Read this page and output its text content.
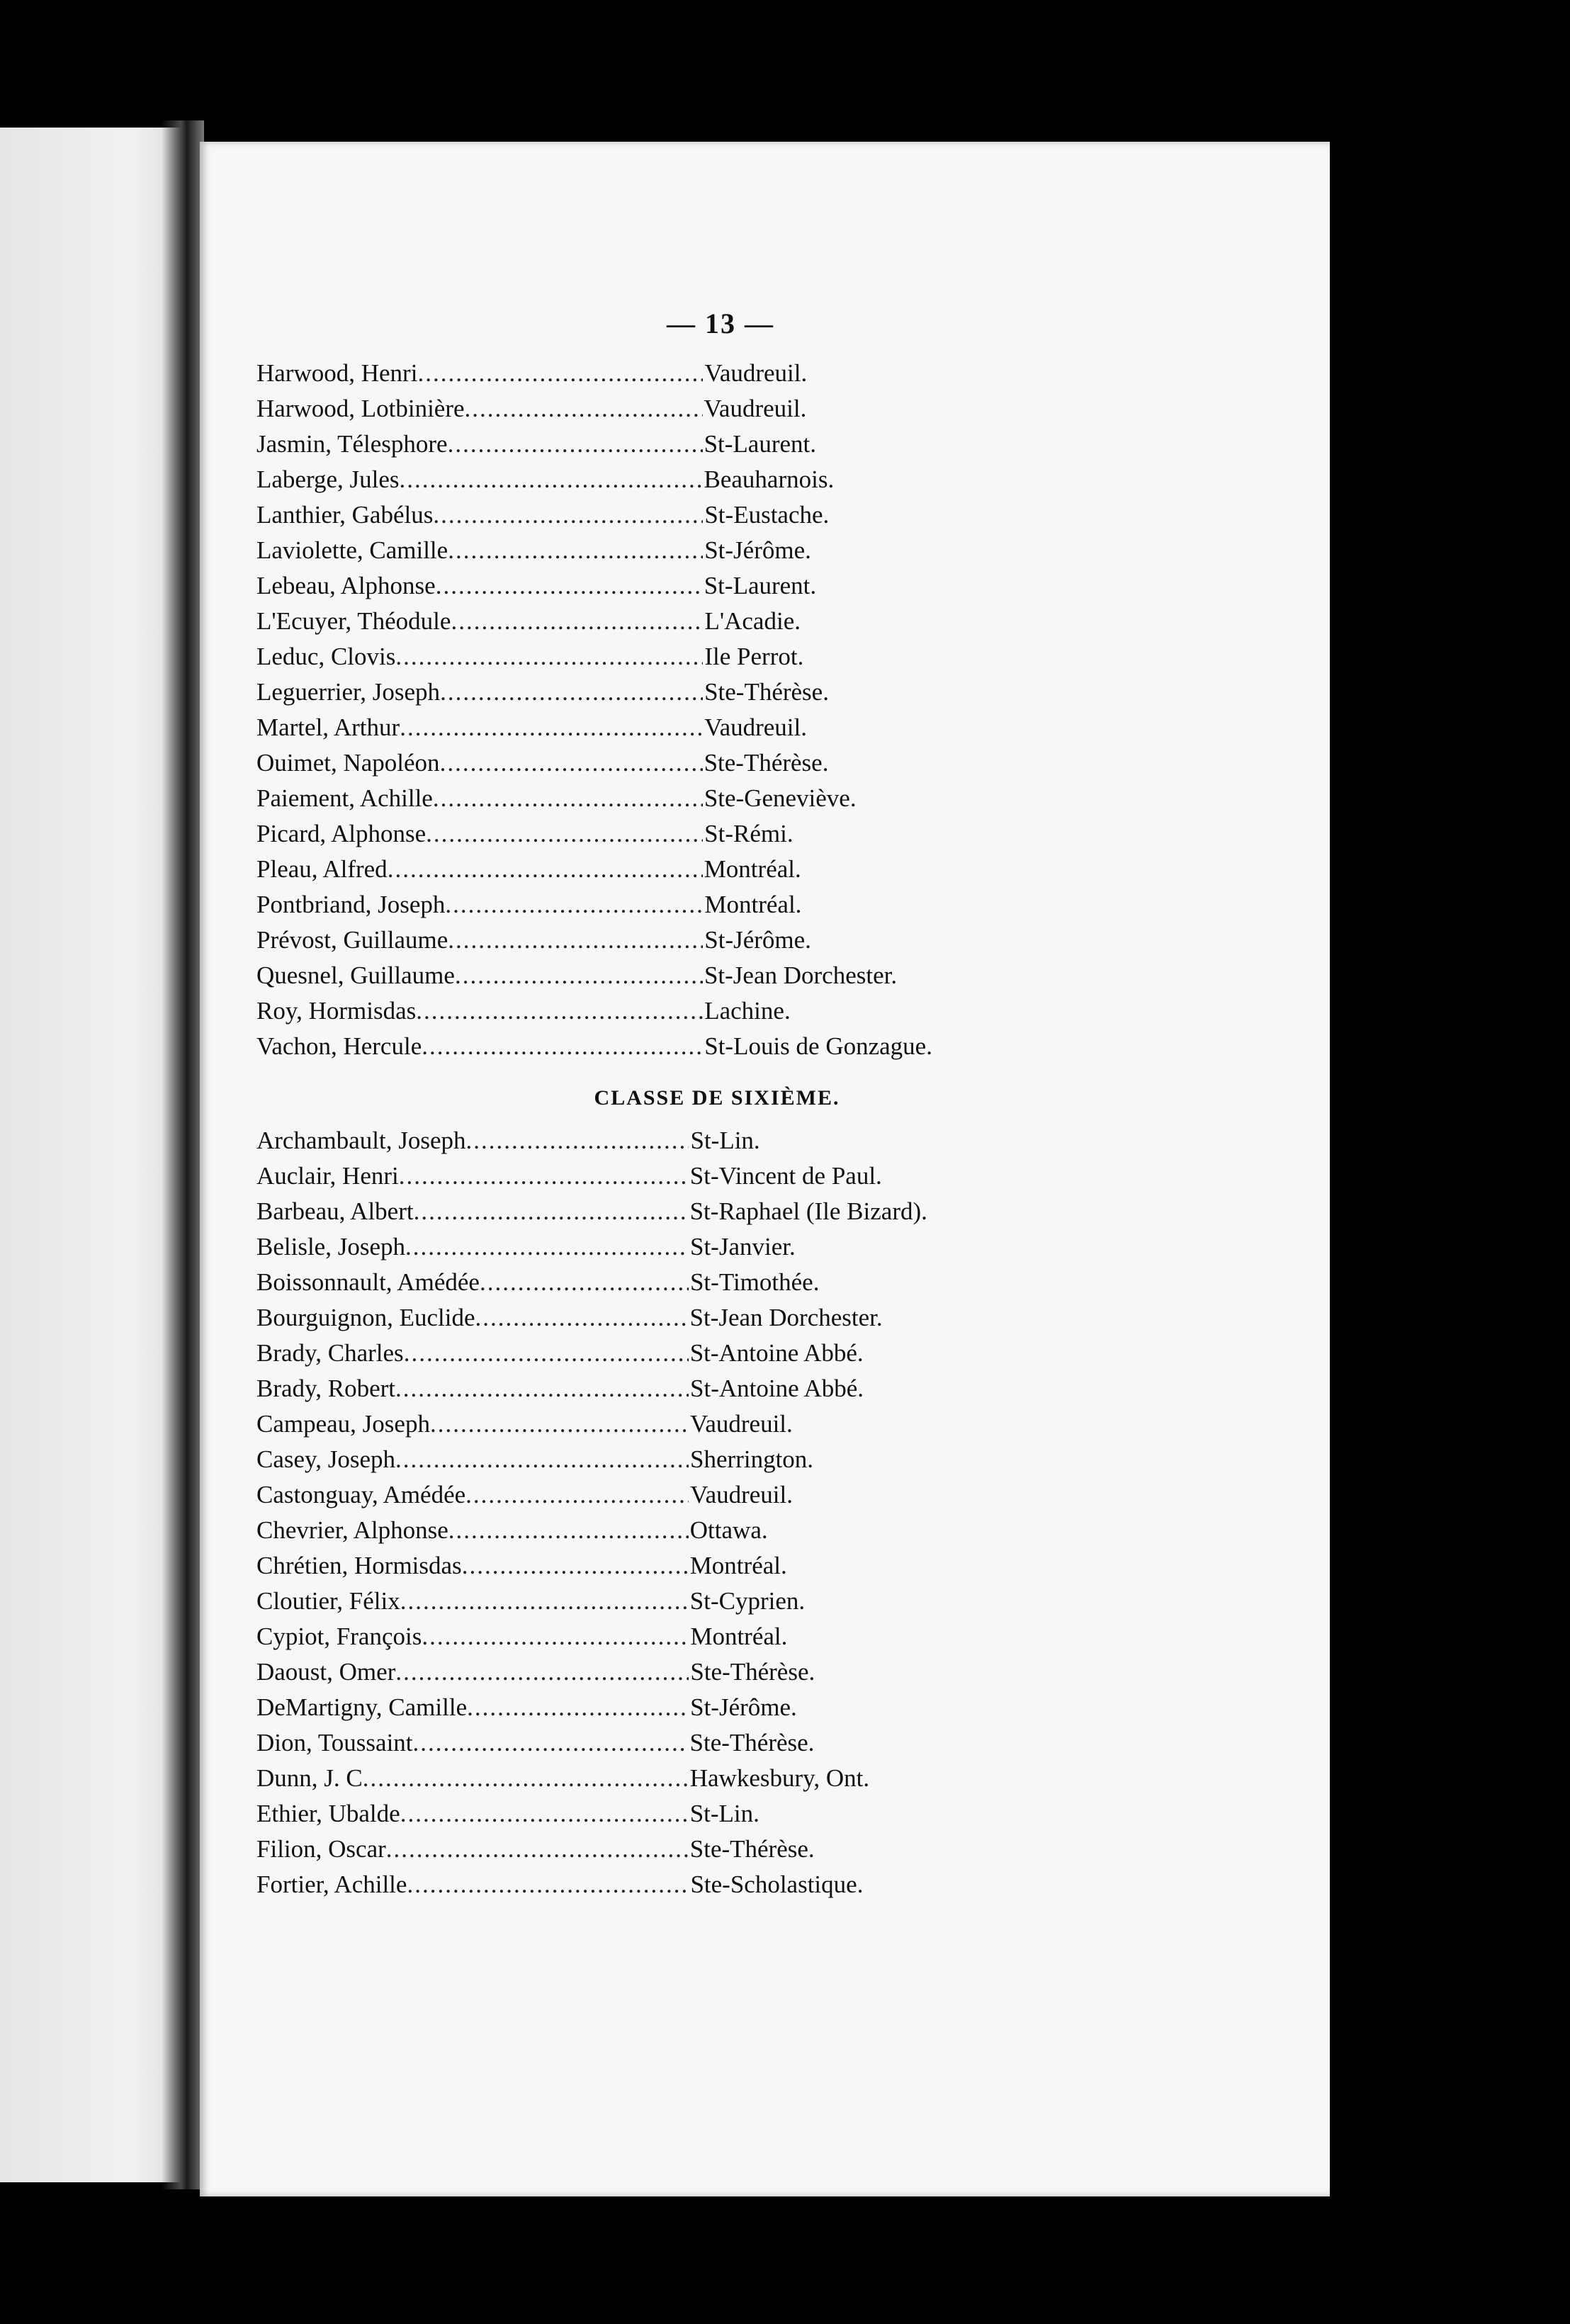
— 13 —
Harwood, Henri .....	Vaudreuil.
Harwood, Lotbinière .....	Vaudreuil.
Jasmin, Télesphore .....	St-Laurent.
Laberge, Jules .....	Beauharnois.
Lanthier, Gabélus .....	St-Eustache.
Laviolette, Camille .....	St-Jérôme.
Lebeau, Alphonse .....	St-Laurent.
L'Ecuyer, Théodule .....	L'Acadie.
Leduc, Clovis .....	Ile Perrot.
Leguerrier, Joseph .....	Ste-Thérèse.
Martel, Arthur .....	Vaudreuil.
Ouimet, Napoléon .....	Ste-Thérèse.
Paiement, Achille .....	Ste-Geneviève.
Picard, Alphonse .....	St-Rémi.
Pleau, Alfred .....	Montréal.
Pontbriand, Joseph .....	Montréal.
Prévost, Guillaume .....	St-Jérôme.
Quesnel, Guillaume .....	St-Jean Dorchester.
Roy, Hormisdas .....	Lachine.
Vachon, Hercule .....	St-Louis de Gonzague.
CLASSE DE SIXIÈME.
Archambault, Joseph .....	St-Lin.
Auclair, Henri .....	St-Vincent de Paul.
Barbeau, Albert .....	St-Raphael (Ile Bizard).
Belisle, Joseph .....	St-Janvier.
Boissonnault, Amédée .....	St-Timothée.
Bourguignon, Euclide .....	St-Jean Dorchester.
Brady, Charles .....	St-Antoine Abbé.
Brady, Robert .....	St-Antoine Abbé.
Campeau, Joseph .....	Vaudreuil.
Casey, Joseph .....	Sherrington.
Castonguay, Amédée .....	Vaudreuil.
Chevrier, Alphonse .....	Ottawa.
Chrétien, Hormisdas .....	Montréal.
Cloutier, Félix .....	St-Cyprien.
Cypiot, François .....	Montréal.
Daoust, Omer .....	Ste-Thérèse.
DeMartigny, Camille .....	St-Jérôme.
Dion, Toussaint .....	Ste-Thérèse.
Dunn, J. C .....	Hawkesbury, Ont.
Ethier, Ubalde .....	St-Lin.
Filion, Oscar .....	Ste-Thérèse.
Fortier, Achille .....	Ste-Scholastique.
